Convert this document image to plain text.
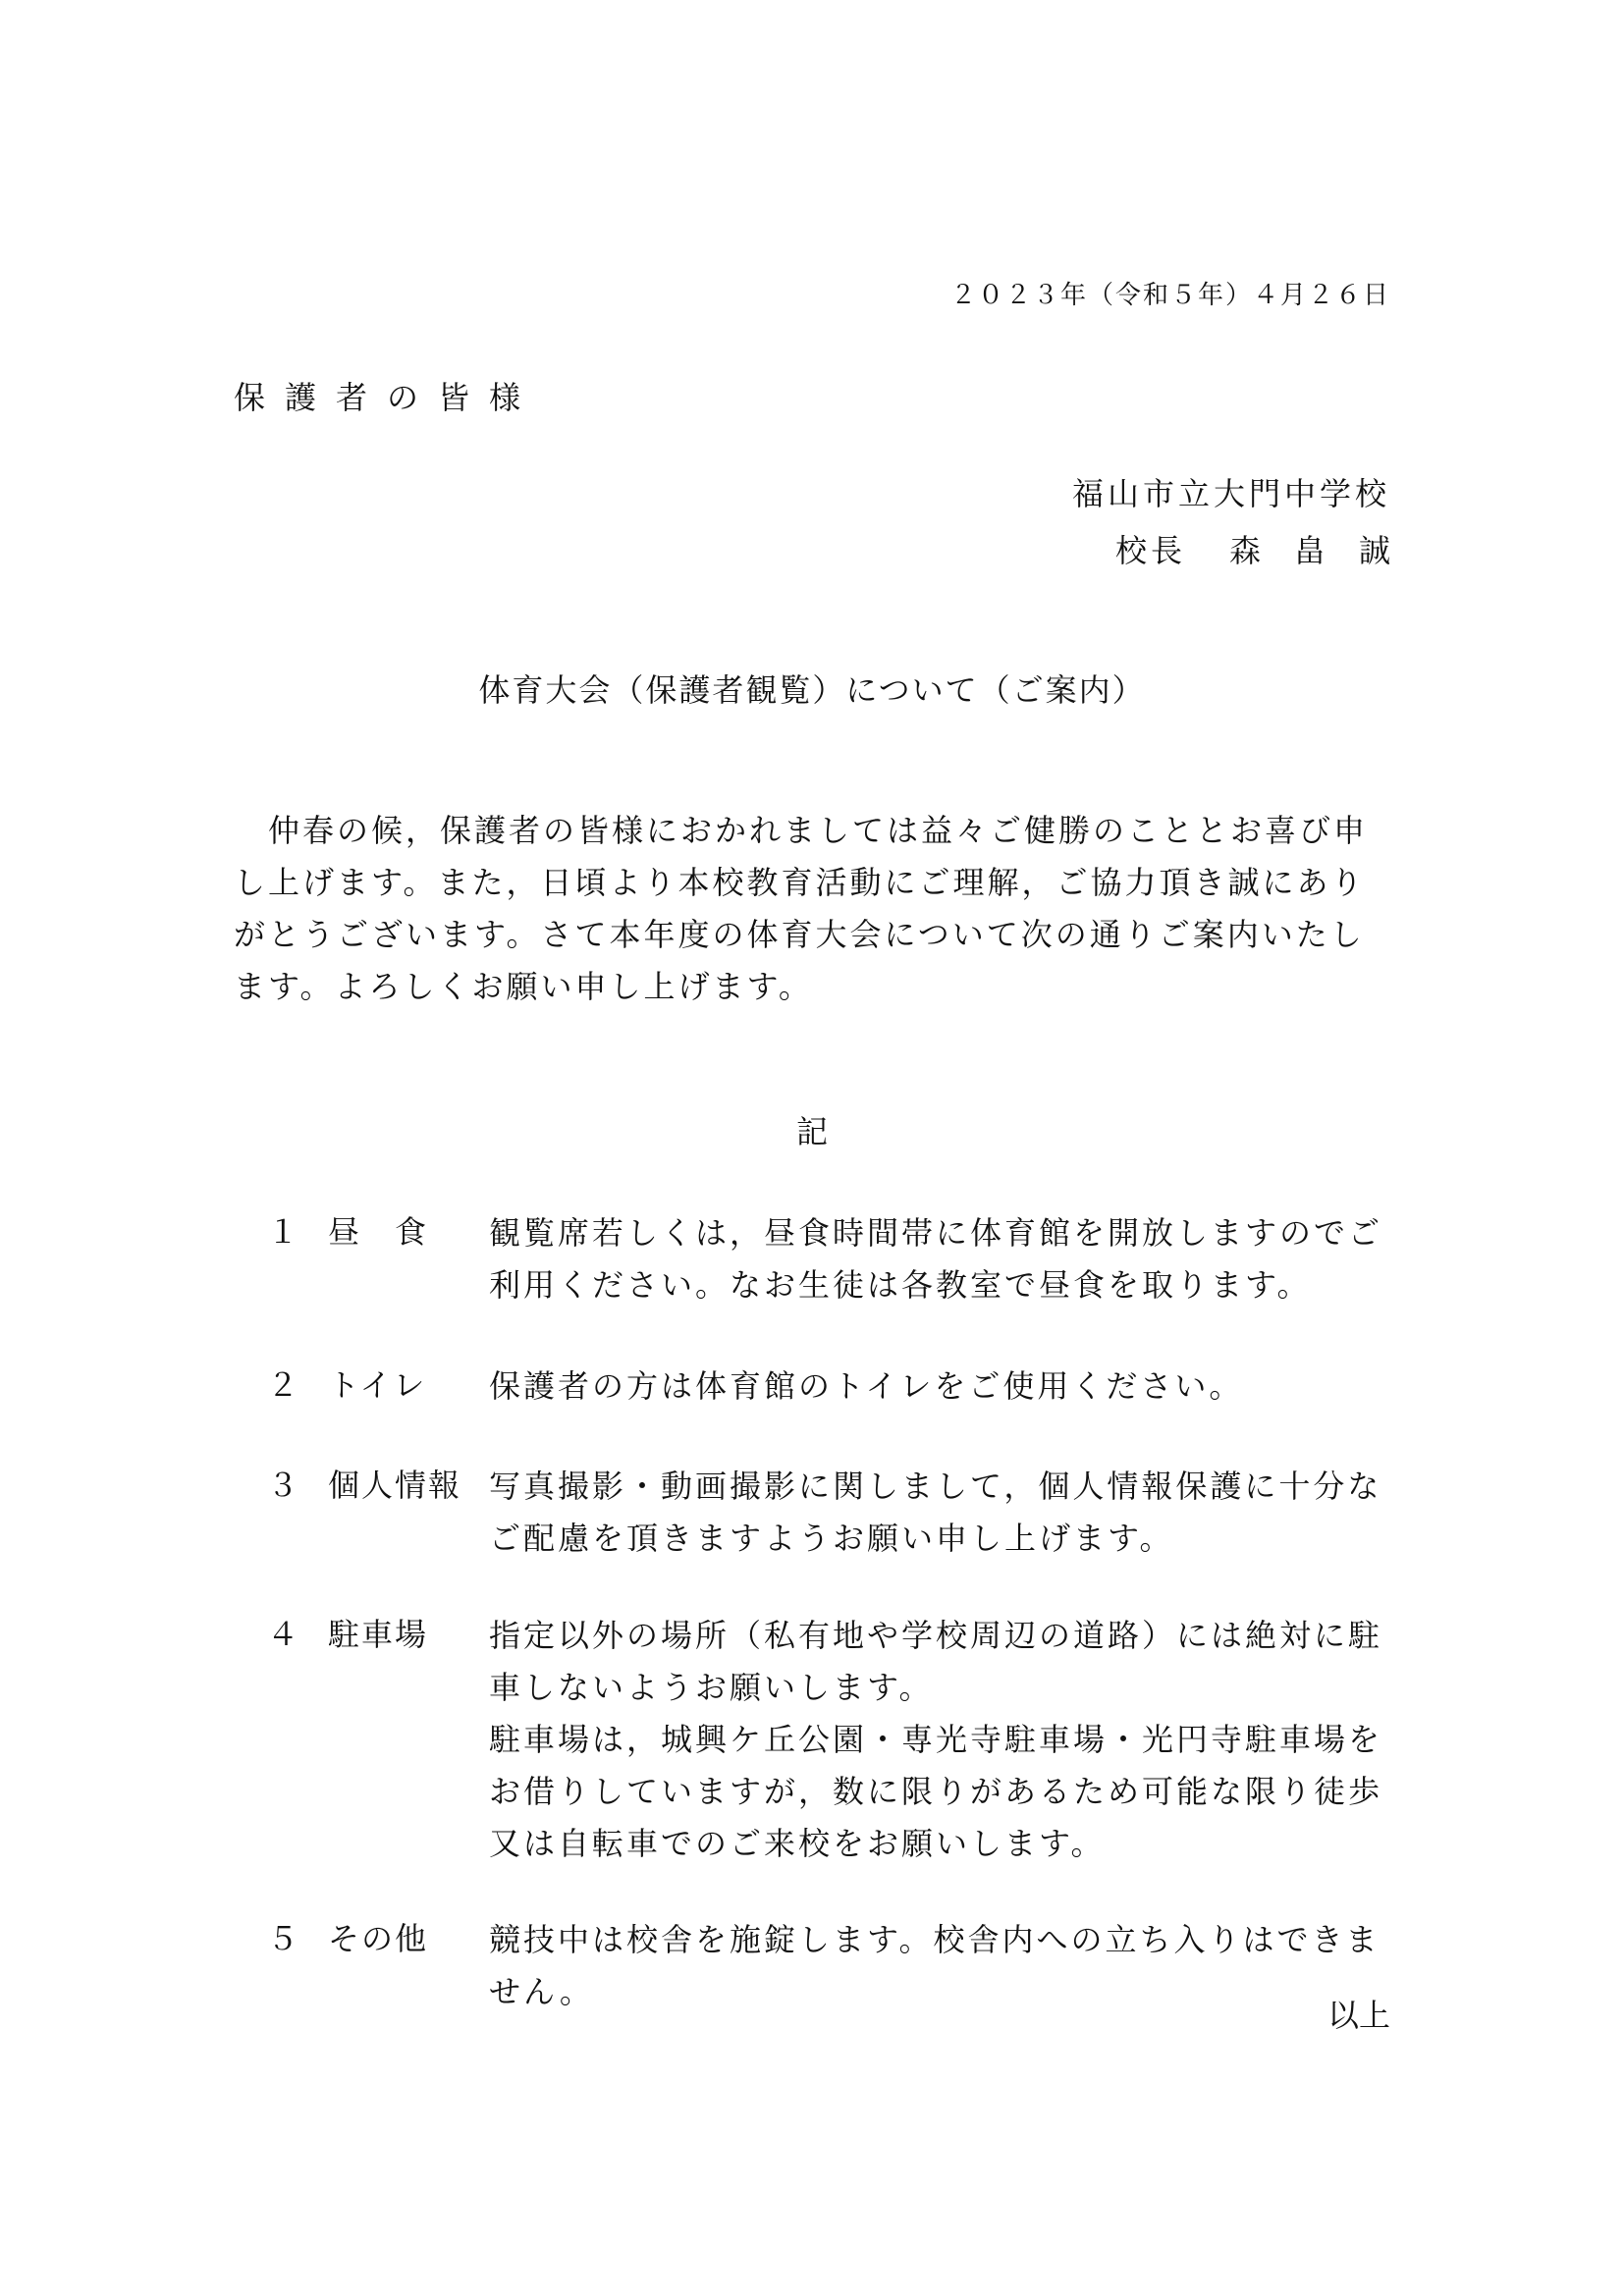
２０２３年（令和５年）４月２６日
保護者の皆様
福山市立大門中学校
校長 森畠誠
体育大会（保護者観覧）について（ご案内）

　仲春の候，保護者の皆様におかれましては益々ご健勝のこととお喜び申し上げます。また，日頃より本校教育活動にご理解，ご協力頂き誠にありがとうございます。さて本年度の体育大会について次の通りご案内いたします。よろしくお願い申し上げます。

記
１ 昼　食 観覧席若しくは，昼食時間帯に体育館を開放しますのでご利用ください。なお生徒は各教室で昼食を取ります。

２ トイレ 保護者の方は体育館のトイレをご使用ください。

３ 個人情報 写真撮影・動画撮影に関しまして，個人情報保護に十分なご配慮を頂きますようお願い申し上げます。

４ 駐車場 指定以外の場所（私有地や学校周辺の道路）には絶対に駐車しないようお願いします。

駐車場は，城興ケ丘公園・専光寺駐車場・光円寺駐車場をお借りしていますが，数に限りがあるため可能な限り徒歩又は自転車でのご来校をお願いします。

５ その他 競技中は校舎を施錠します。校舎内への立ち入りはできません。

以上
